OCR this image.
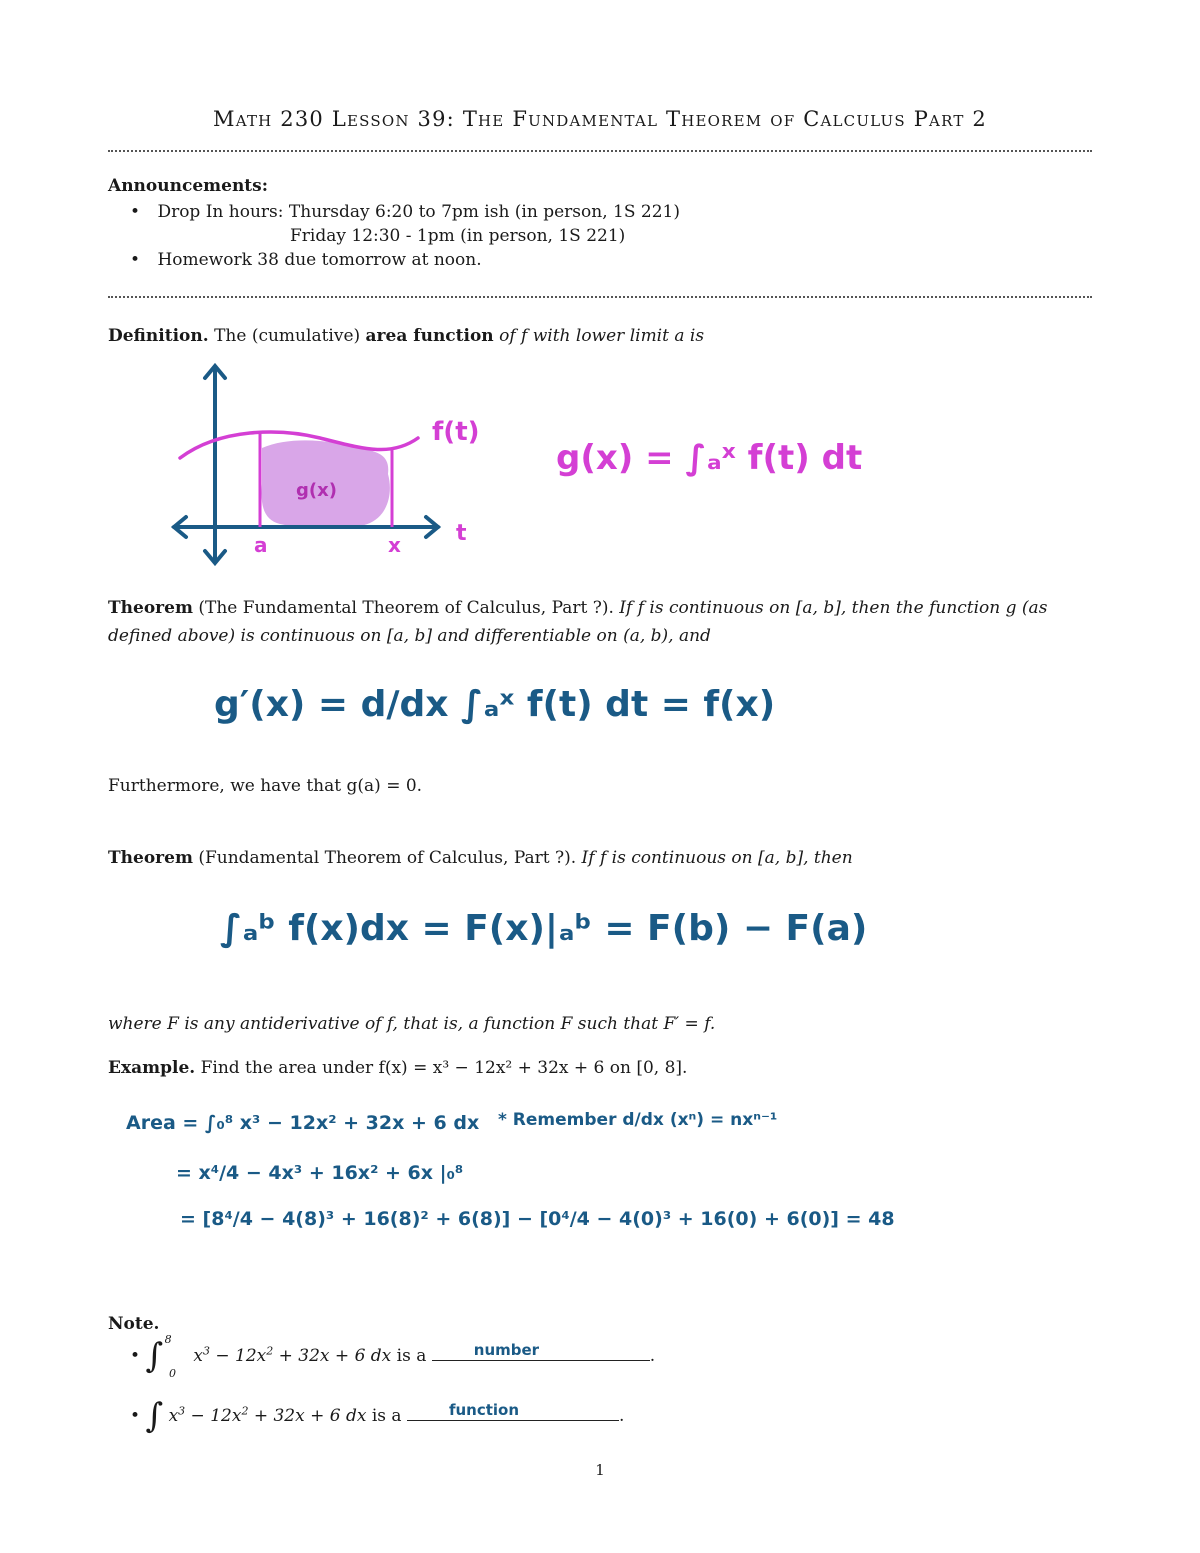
Math 230 Lesson 39: The Fundamental Theorem of Calculus Part 2
Announcements:
• Drop In hours: Thursday 6:20 to 7pm ish (in person, 1S 221)
Friday 12:30 - 1pm (in person, 1S 221)
• Homework 38 due tomorrow at noon.
Definition. The (cumulative) area function of f with lower limit a is
f(t)
g(x)
a	x	t
g(x) = ∫ₐˣ f(t) dt
Theorem (The Fundamental Theorem of Calculus, Part ?). If f is continuous on [a, b], then the function g (as
defined above) is continuous on [a, b] and differentiable on (a, b), and
g′(x) = d/dx ∫ₐˣ f(t) dt = f(x)
Furthermore, we have that g(a) = 0.
Theorem (Fundamental Theorem of Calculus, Part ?). If f is continuous on [a, b], then
∫ₐᵇ f(x)dx = F(x)|ₐᵇ = F(b) − F(a)
where F is any antiderivative of f, that is, a function F such that F′ = f.
Example. Find the area under f(x) = x³ − 12x² + 32x + 6 on [0, 8].
Area = ∫₀⁸ x³ − 12x² + 32x + 6 dx * Remember d/dx (xⁿ) = nxⁿ⁻¹
= x⁴/4 − 4x³ + 16x² + 6x |₀⁸
= [8⁴/4 − 4(8)³ + 16(8)² + 6(8)] − [0⁴/4 − 4(0)³ + 16(0) + 6(0)] = 48
Note.
• ∫ $^8$ $_0$ $x^3 - 12x^2 + 32x + 6$ dx is a	number	.
• ∫ $x^3 - 12x^2 + 32x + 6$ dx is a	function	.
1
